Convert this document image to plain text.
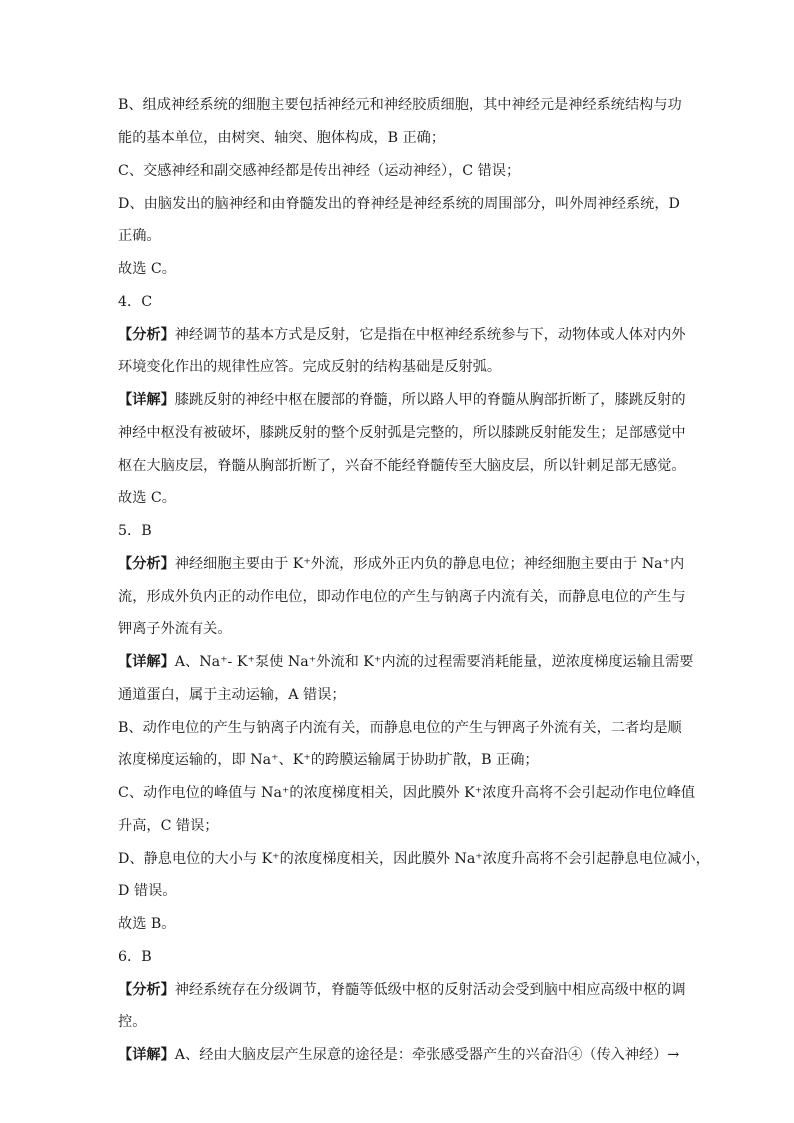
B、组成神经系统的细胞主要包括神经元和神经胶质细胞，其中神经元是神经系统结构与功
能的基本单位，由树突、轴突、胞体构成，B 正确；
C、交感神经和副交感神经都是传出神经（运动神经），C 错误；
D、由脑发出的脑神经和由脊髓发出的脊神经是神经系统的周围部分，叫外周神经系统，D
正确。
故选 C。
4．C
【分析】神经调节的基本方式是反射，它是指在中枢神经系统参与下，动物体或人体对内外
环境变化作出的规律性应答。完成反射的结构基础是反射弧。
【详解】膝跳反射的神经中枢在腰部的脊髓，所以路人甲的脊髓从胸部折断了，膝跳反射的
神经中枢没有被破坏，膝跳反射的整个反射弧是完整的，所以膝跳反射能发生；足部感觉中
枢在大脑皮层，脊髓从胸部折断了，兴奋不能经脊髓传至大脑皮层，所以针刺足部无感觉。
故选 C。
5．B
【分析】神经细胞主要由于 K⁺外流，形成外正内负的静息电位；神经细胞主要由于 Na⁺内
流，形成外负内正的动作电位，即动作电位的产生与钠离子内流有关，而静息电位的产生与
钾离子外流有关。
【详解】A、Na⁺- K⁺泵使 Na⁺外流和 K⁺内流的过程需要消耗能量，逆浓度梯度运输且需要
通道蛋白，属于主动运输，A 错误；
B、动作电位的产生与钠离子内流有关，而静息电位的产生与钾离子外流有关，二者均是顺
浓度梯度运输的，即 Na⁺、K⁺的跨膜运输属于协助扩散，B 正确；
C、动作电位的峰值与 Na⁺的浓度梯度相关，因此膜外 K⁺浓度升高将不会引起动作电位峰值
升高，C 错误；
D、静息电位的大小与 K⁺的浓度梯度相关，因此膜外 Na⁺浓度升高将不会引起静息电位减小，
D 错误。
故选 B。
6．B
【分析】神经系统存在分级调节，脊髓等低级中枢的反射活动会受到脑中相应高级中枢的调
控。
【详解】A、经由大脑皮层产生尿意的途径是：牵张感受器产生的兴奋沿④（传入神经）→
